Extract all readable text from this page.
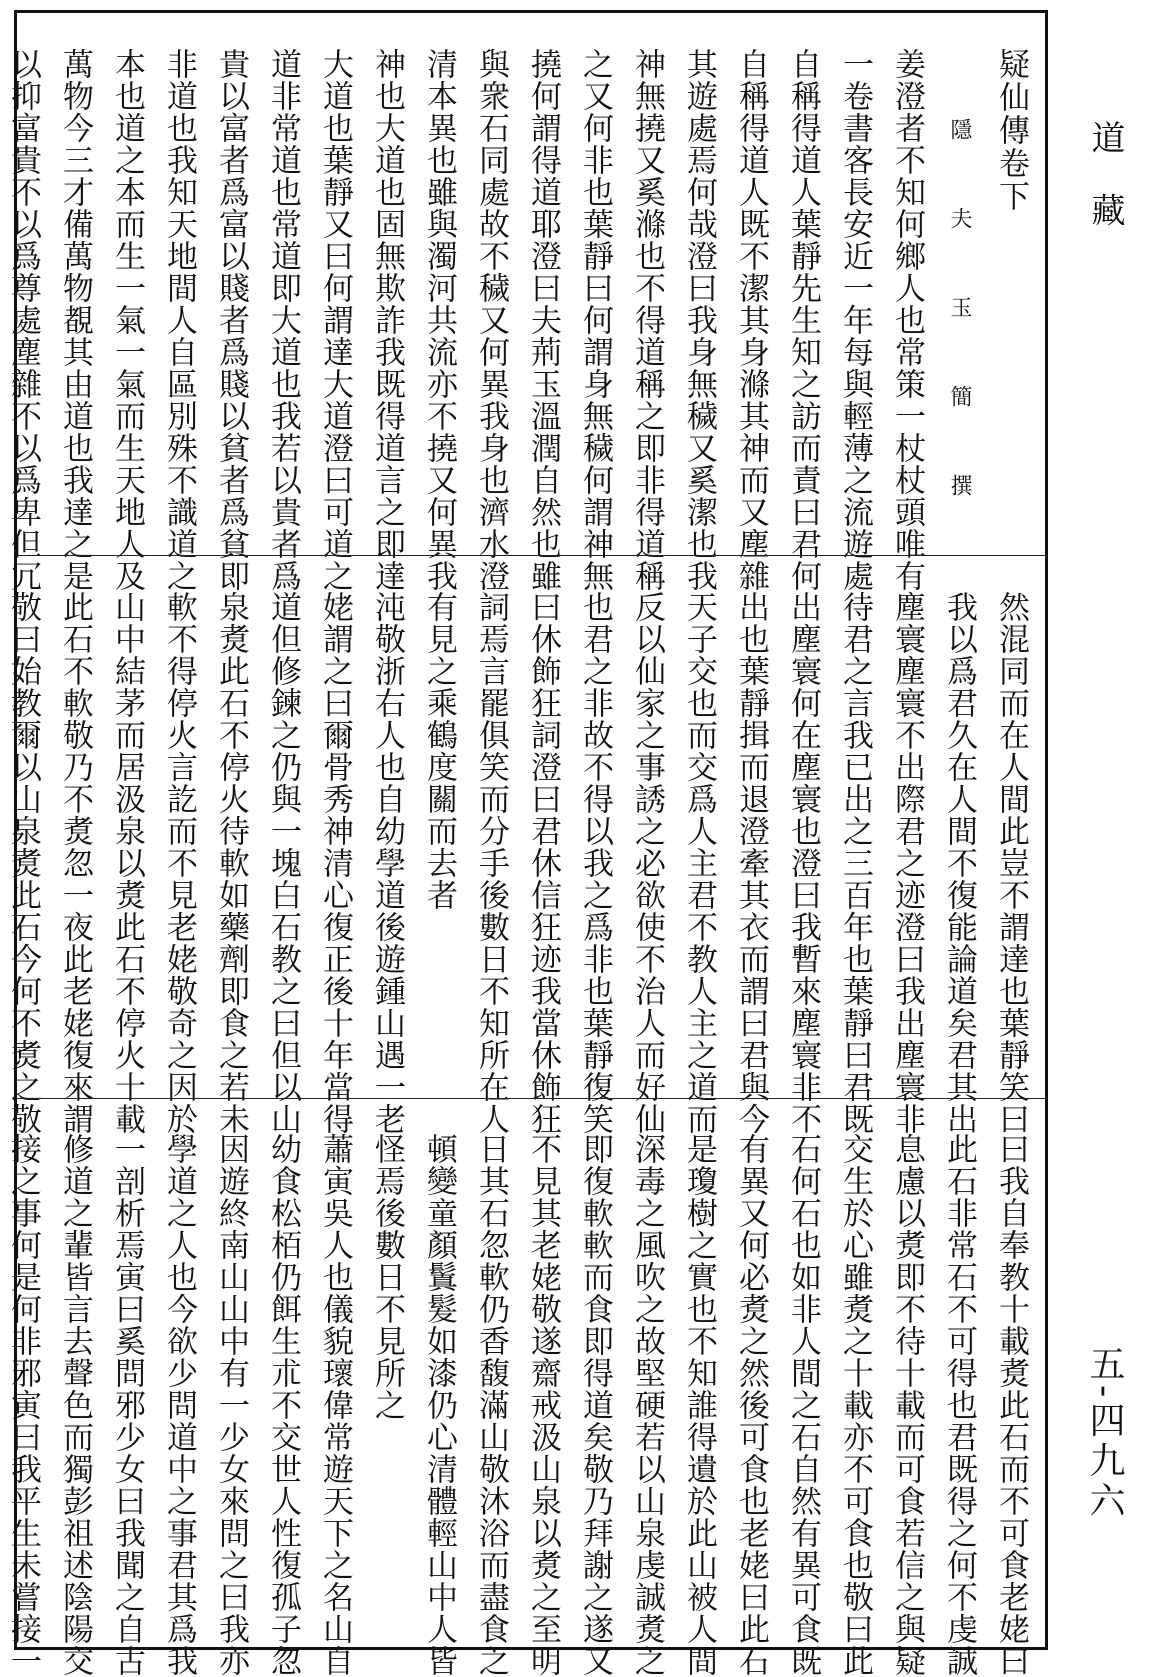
疑仙傳卷下
隱 夫 玉 簡 撰
姜澄者不知何鄉人也常策一杖杖頭唯有
一卷書客長安近一年每與輕薄之流遊處
自稱得道人葉靜先生知之訪而責曰君何
自稱得道人既不潔其身滌其神而又塵雜
其遊處焉何哉澄曰我身無穢又奚潔也我
神無撓又奚滌也不得道稱之即非得道稱
之又何非也葉靜曰何謂身無穢何謂神無
撓何謂得道耶澄曰夫荊玉溫潤自然也雖
與衆石同處故不穢又何異我身也濟水澄
清本異也雖與濁河共流亦不撓又何異我
神也大道也固無欺詐我既得道言之即達
大道也葉靜又曰何謂達大道澄曰可道之
道非常道也常道即大道也我若以貴者爲
貴以富者爲富以賤者爲賤以貧者爲貧即
非道也我知天地間人自區別殊不識道之
本也道之本而生一氣一氣而生天地人及
萬物今三才備萬物覩其由道也我達之是
以抑富貴不以爲尊處塵雜不以爲卑但冗
然混同而在人間此豈不謂達也葉靜笑曰
我以爲君久在人間不復能論道矣君其出
塵寰塵寰不出際君之迹澄曰我出塵寰非
待君之言我已出之三百年也葉靜曰君既
出塵寰何在塵寰也澄曰我暫來塵寰非不
出也葉靜揖而退澄牽其衣而謂曰君與今
天子交也而交爲人主君不教人主之道而
反以仙家之事誘之必欲使不治人而好仙
也君之非故不得以我之爲非也葉靜復笑
曰休飾狂詞澄曰君休信狂迹我當休飾狂
詞焉言罷俱笑而分手後數日不知所在人
有見之乘鶴度關而去者
沌敬浙右人也自幼學道後遊鍾山遇一老
姥謂之曰爾骨秀神清心復正後十年當得
道但修鍊之仍與一塊白石教之曰但以山
泉煑此石不停火待軟如藥劑即食之若未
軟不得停火言訖而不見老姥敬奇之因於
山中結茅而居汲泉以煑此石不停火十載
此石不軟敬乃不煑忽一夜此老姥復來謂
敬曰始教爾以山泉煑此石今何不煑之敬
曰我自奉教十載煑此石而不可食老姥曰
此石非常石不可得也君既得之何不虔誠
息慮以煑即不待十載而可食若信之與疑
交生於心雖煑之十載亦不可食也敬曰此
石何石也如非人間之石自然有異可食既
有異又何必煑之然後可食也老姥曰此石
是瓊樹之實也不知誰得遺於此山被人間
深毒之風吹之故堅硬若以山泉虔誠煑之
即復軟軟而食即得道矣敬乃拜謝之遂又
不見其老姥敬遂齋戒汲山泉以煑之至明
日其石忽軟仍香馥滿山敬沐浴而盡食之
頓變童顏鬒髮如漆仍心清體輕山中人皆
怪焉後數日不見所之
蕭寅吳人也儀貌瓌偉常遊天下之名山自
幼食松栢仍餌生朮不交世人性復孤子忽
因遊終南山山中有一少女來問之曰我亦
學道之人也今欲少問道中之事君其爲我
一剖析焉寅曰奚問邪少女曰我聞之自古
修道之輩皆言去聲色而獨彭祖述陰陽交
接之事何是何非邪寅曰我平生未嘗接一
道 藏
五‐四九六
